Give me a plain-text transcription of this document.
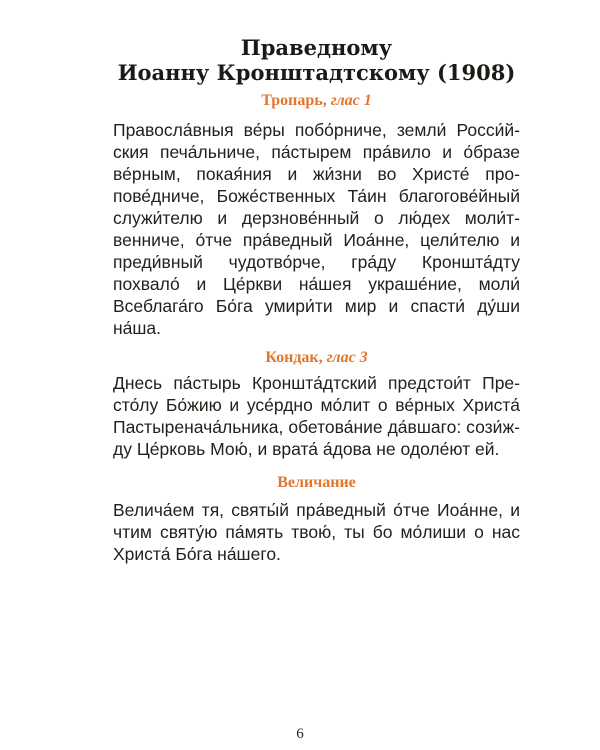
Праведному
Иоанну Кронштадтскому (1908)
Тропарь, глас 1
Правосла́вныя ве́ры побо́рниче, земли́ Росси́й-
ския печа́льниче, па́стырем пра́вило и о́бразе
ве́рным, покая́ния и жи́зни во Христе́ про-
пове́дниче, Боже́ственных Та́ин благогове́йный
служи́телю и дерзнове́нный о лю́дех моли́т-
венниче, о́тче пра́ведный Иоа́нне, цели́телю и
преди́вный чудотво́рче, гра́ду Кроншта́дту
похвало́ и Це́ркви на́шея украше́ние, моли́
Всеблага́го Бо́га умири́ти мир и спасти́ ду́ши
на́ша.
Кондак, глас 3
Днесь па́стырь Кроншта́дтский предстои́т Пре-
сто́лу Бо́жию и усе́рдно мо́лит о ве́рных Христа́
Пастыренача́льника, обетова́ние да́вшаго: сози́ж-
ду Це́рковь Мою́, и врата́ а́дова не одоле́ют ей.
Величание
Велича́ем тя, святы́й пра́ведный о́тче Иоа́нне, и
чтим святу́ю па́мять твою́, ты бо мо́лиши о нас
Христа́ Бо́га на́шего.
6
